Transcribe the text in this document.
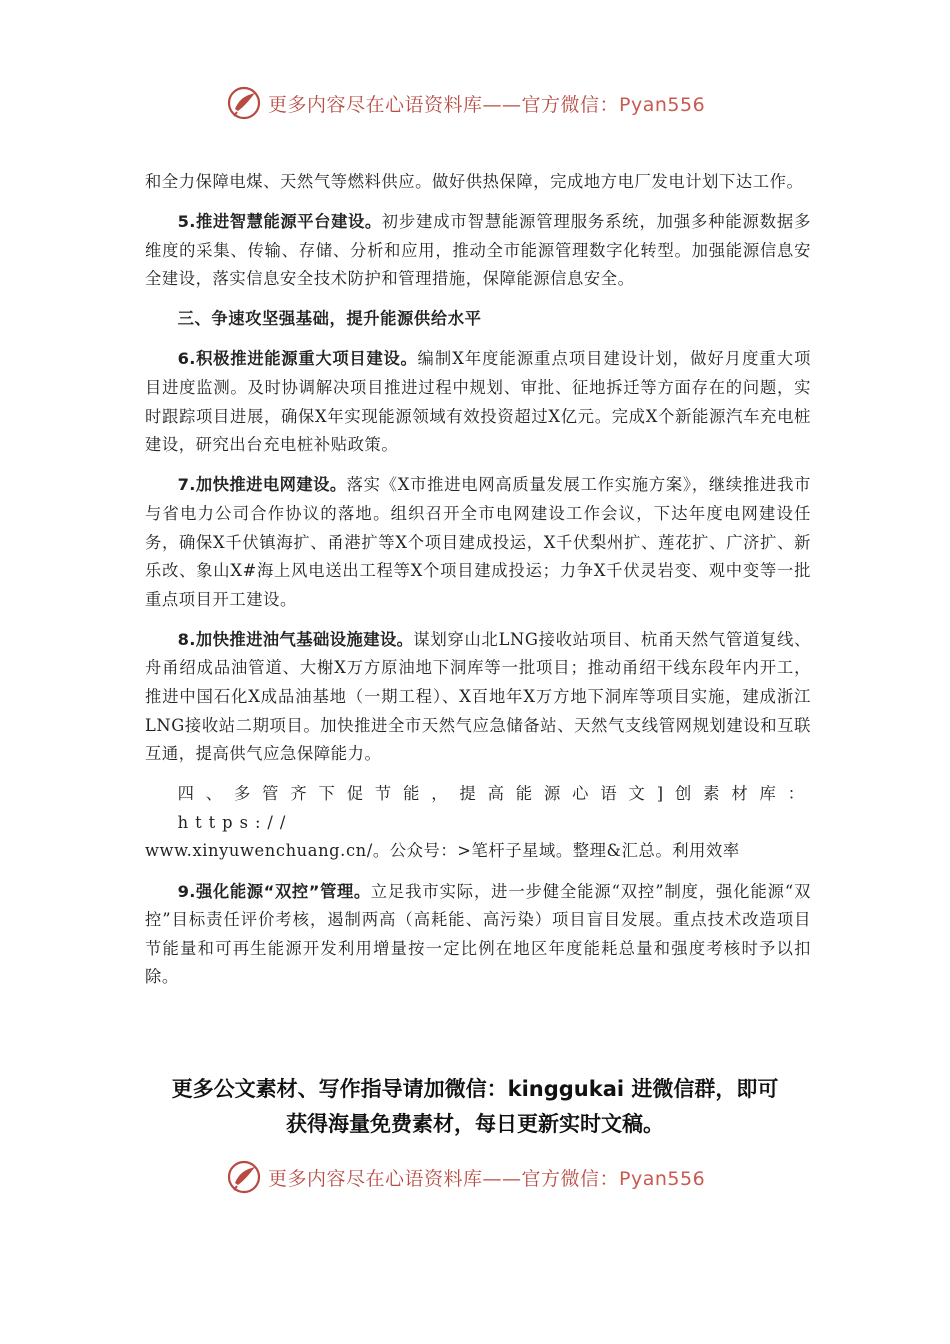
更多内容尽在心语资料库——官方微信：Pyan556

和全力保障电煤、天然气等燃料供应。做好供热保障，完成地方电厂发电计划下达工作。

5.推进智慧能源平台建设。初步建成市智慧能源管理服务系统，加强多种能源数据多维度的采集、传输、存储、分析和应用，推动全市能源管理数字化转型。加强能源信息安全建设，落实信息安全技术防护和管理措施，保障能源信息安全。

三、争速攻坚强基础，提升能源供给水平

6.积极推进能源重大项目建设。编制X年度能源重点项目建设计划，做好月度重大项目进度监测。及时协调解决项目推进过程中规划、审批、征地拆迁等方面存在的问题，实时跟踪项目进展，确保X年实现能源领域有效投资超过X亿元。完成X个新能源汽车充电桩建设，研究出台充电桩补贴政策。

7.加快推进电网建设。落实《X市推进电网高质量发展工作实施方案》，继续推进我市与省电力公司合作协议的落地。组织召开全市电网建设工作会议，下达年度电网建设任务，确保X千伏镇海扩、甬港扩等X个项目建成投运，X千伏梨州扩、莲花扩、广济扩、新乐改、象山X#海上风电送出工程等X个项目建成投运；力争X千伏灵岩变、观中变等一批重点项目开工建设。

8.加快推进油气基础设施建设。谋划穿山北LNG接收站项目、杭甬天然气管道复线、舟甬绍成品油管道、大榭X万方原油地下洞库等一批项目；推动甬绍干线东段年内开工，推进中国石化X成品油基地（一期工程）、X百地年X万方地下洞库等项目实施，建成浙江LNG接收站二期项目。加快推进全市天然气应急储备站、天然气支线管网规划建设和互联互通，提高供气应急保障能力。

四、多管齐下促节能，提高能源心语文]创素材库：https://
www.xinyuwenchuang.cn/。公众号：>笔杆子星域。整理&汇总。利用效率

9.强化能源“双控”管理。立足我市实际，进一步健全能源“双控”制度，强化能源“双控”目标责任评价考核，遏制两高（高耗能、高污染）项目盲目发展。重点技术改造项目节能量和可再生能源开发利用增量按一定比例在地区年度能耗总量和强度考核时予以扣除。

更多公文素材、写作指导请加微信：kinggukai 进微信群，即可
获得海量免费素材，每日更新实时文稿。
更多内容尽在心语资料库——官方微信：Pyan556
